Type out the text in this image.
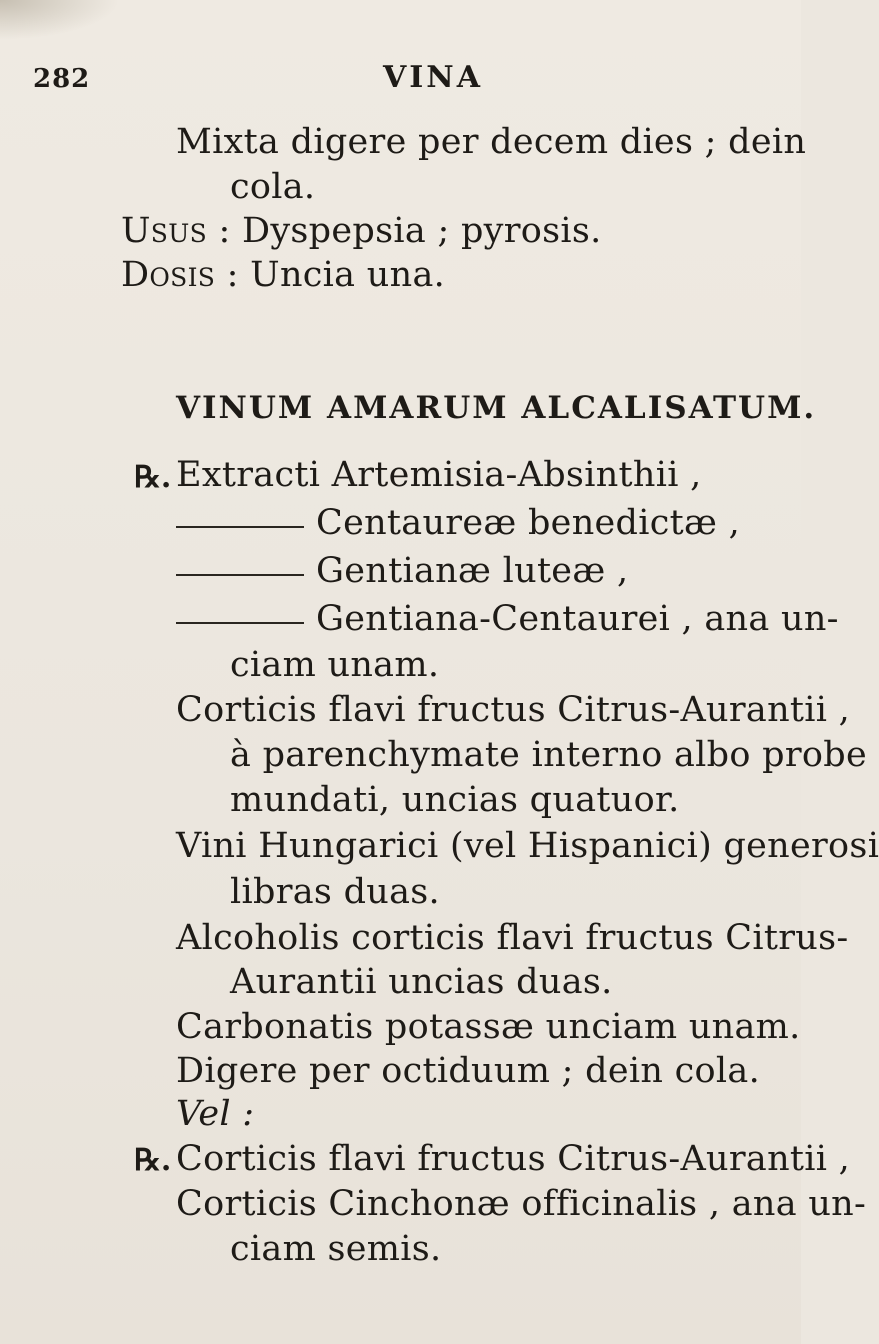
282	VINA
Mixta digere per decem dies ; dein
cola.
Usus : Dyspepsia ; pyrosis.
Dosis : Uncia una.
VINUM AMARUM ALCALISATUM.
℞. Extracti Artemisia-Absinthii ,
Centaureæ benedictæ ,
Gentianæ luteæ ,
Gentiana-Centaurei , ana un-
ciam unam.
Corticis flavi fructus Citrus-Aurantii ,
à parenchymate interno albo probe
mundati, uncias quatuor.
Vini Hungarici (vel Hispanici) generosi
libras duas.
Alcoholis corticis flavi fructus Citrus-
Aurantii uncias duas.
Carbonatis potassæ unciam unam.
Digere per octiduum ; dein cola.
Vel :
℞. Corticis flavi fructus Citrus-Aurantii ,
Corticis Cinchonæ officinalis , ana un-
ciam semis.
